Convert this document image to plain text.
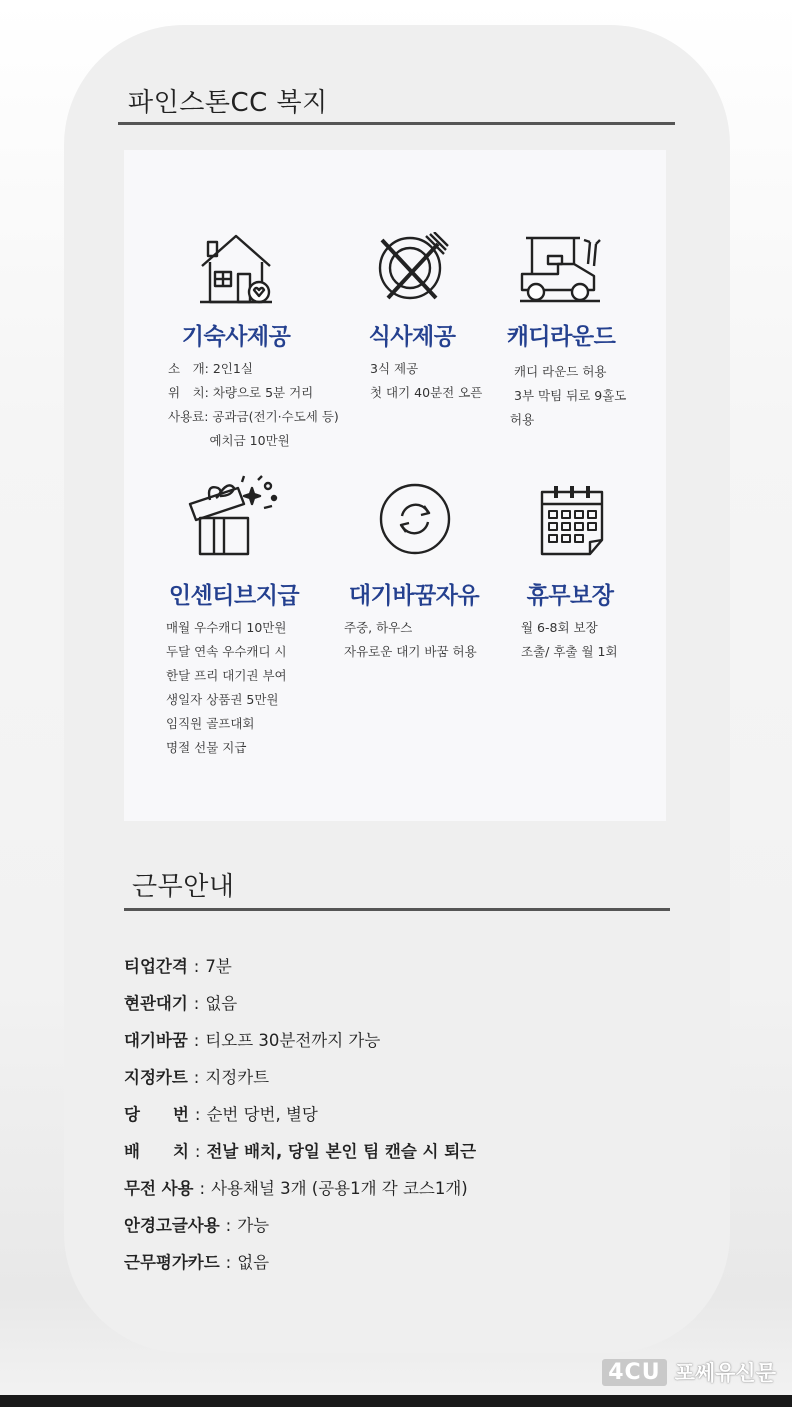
파인스톤CC 복지
기숙사제공
소　개: 2인1실
위　치: 차량으로 5분 거리
사용료: 공과금(전기·수도세 등)
　　　 예치금 10만원
식사제공
3식 제공
첫 대기 40분전 오픈
캐디라운드
캐디 라운드 허용
3부 막팀 뒤로 9홀도
허용
인센티브지급
매월 우수캐디 10만원
두달 연속 우수캐디 시
한달 프리 대기권 부여
생일자 상품권 5만원
임직원 골프대회
명절 선물 지급
대기바꿈자유
주중, 하우스
자유로운 대기 바꿈 허용
휴무보장
월 6-8회 보장
조출/ 후출 월 1회
근무안내
티업간격 : 7분
현관대기 : 없음
대기바꿈 : 티오프 30분전까지 가능
지정카트 : 지정카트
당　　번 : 순번 당번, 별당
배　　치 : 전날 배치, 당일 본인 팀 캔슬 시 퇴근
무전 사용 : 사용채널 3개 (공용1개 각 코스1개)
안경고글사용 : 가능
근무평가카드 : 없음
4CU 포쎄유신문
